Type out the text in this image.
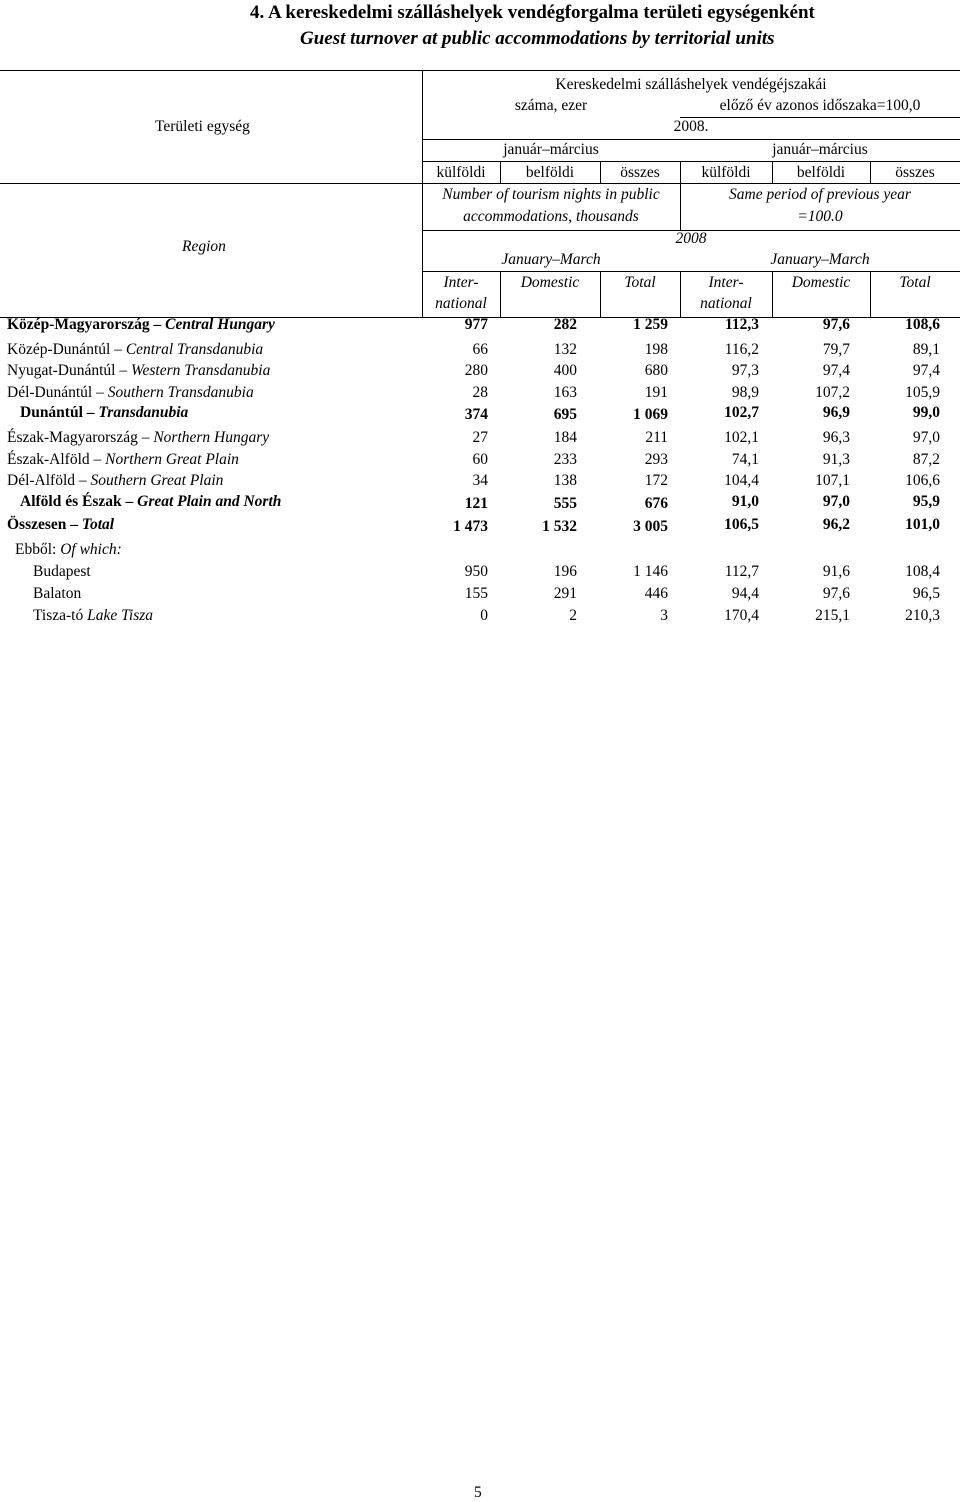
4. A kereskedelmi szálláshelyek vendégforgalma területi egységenként
Guest turnover at public accommodations by territorial units
Területi egység
Region
Kereskedelmi szálláshelyek vendégéjszakái
száma, ezer	előző év azonos időszaka=100,0
2008.
január–március	január–március
külföldi	belföldi	összes	külföldi	belföldi	összes
Number of tourism nights in public
accommodations, thousands
Same period of previous year
=100.0
2008
January–March	January–March
Inter-	Domestic	Total	Inter-	Domestic	Total
national	national
Közép-Magyarország – Central Hungary	977	282	1 259	112,3	97,6	108,6
Közép-Dunántúl – Central Transdanubia	66	132	198	116,2	79,7	89,1
Nyugat-Dunántúl – Western Transdanubia	280	400	680	97,3	97,4	97,4
Dél-Dunántúl – Southern Transdanubia	28	163	191	98,9	107,2	105,9
Dunántúl – Transdanubia	374	695	1 069	102,7	96,9	99,0
Észak-Magyarország – Northern Hungary	27	184	211	102,1	96,3	97,0
Észak-Alföld – Northern Great Plain	60	233	293	74,1	91,3	87,2
Dél-Alföld – Southern Great Plain	34	138	172	104,4	107,1	106,6
Alföld és Észak – Great Plain and North	121	555	676	91,0	97,0	95,9
Összesen – Total	1 473	1 532	3 005	106,5	96,2	101,0
Ebből: Of which:
Budapest	950	196	1 146	112,7	91,6	108,4
Balaton	155	291	446	94,4	97,6	96,5
Tisza-tó Lake Tisza	0	2	3	170,4	215,1	210,3
5
